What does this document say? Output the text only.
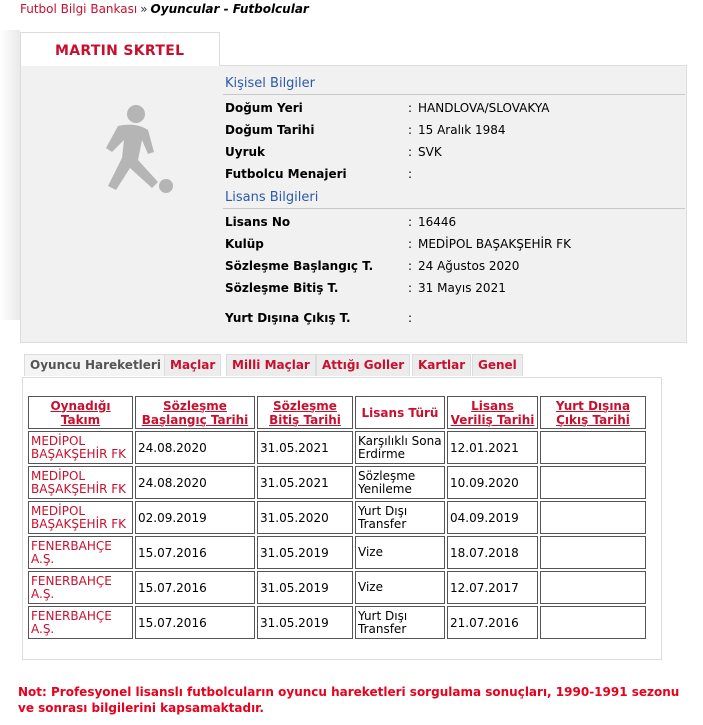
Futbol Bilgi Bankası » Oyuncular - Futbolcular
MARTIN SKRTEL
Kişisel Bilgiler
Doğum Yeri	: HANDLOVA/SLOVAKYA
Doğum Tarihi	: 15 Aralık 1984
Uyruk	: SVK
Futbolcu Menajeri	:
Lisans Bilgileri
Lisans No	: 16446
Kulüp	: MEDİPOL BAŞAKŞEHİR FK
Sözleşme Başlangıç T.	: 24 Ağustos 2020
Sözleşme Bitiş T.	: 31 Mayıs 2021
Yurt Dışına Çıkış T.	:
Oyuncu Hareketleri Maçlar	Milli Maçlar	Attığı Goller	Kartlar	Genel
Oynadığı Takım	Sözleşme Başlangıç Tarihi	Sözleşme Bitiş Tarihi	Lisans Türü	Lisans Veriliş Tarihi	Yurt Dışına Çıkış Tarihi
MEDİPOL BAŞAKŞEHİR FK	24.08.2020	31.05.2021	Karşılıklı Sona Erdirme	12.01.2021	
MEDİPOL BAŞAKŞEHİR FK	24.08.2020	31.05.2021	Sözleşme Yenileme	10.09.2020	
MEDİPOL BAŞAKŞEHİR FK	02.09.2019	31.05.2020	Yurt Dışı Transfer	04.09.2019	
FENERBAHÇE A.Ş.	15.07.2016	31.05.2019	Vize	18.07.2018	
FENERBAHÇE A.Ş.	15.07.2016	31.05.2019	Vize	12.07.2017	
FENERBAHÇE A.Ş.	15.07.2016	31.05.2019	Yurt Dışı Transfer	21.07.2016	
Not: Profesyonel lisanslı futbolcuların oyuncu hareketleri sorgulama sonuçları, 1990-1991 sezonu ve sonrası bilgilerini kapsamaktadır.
